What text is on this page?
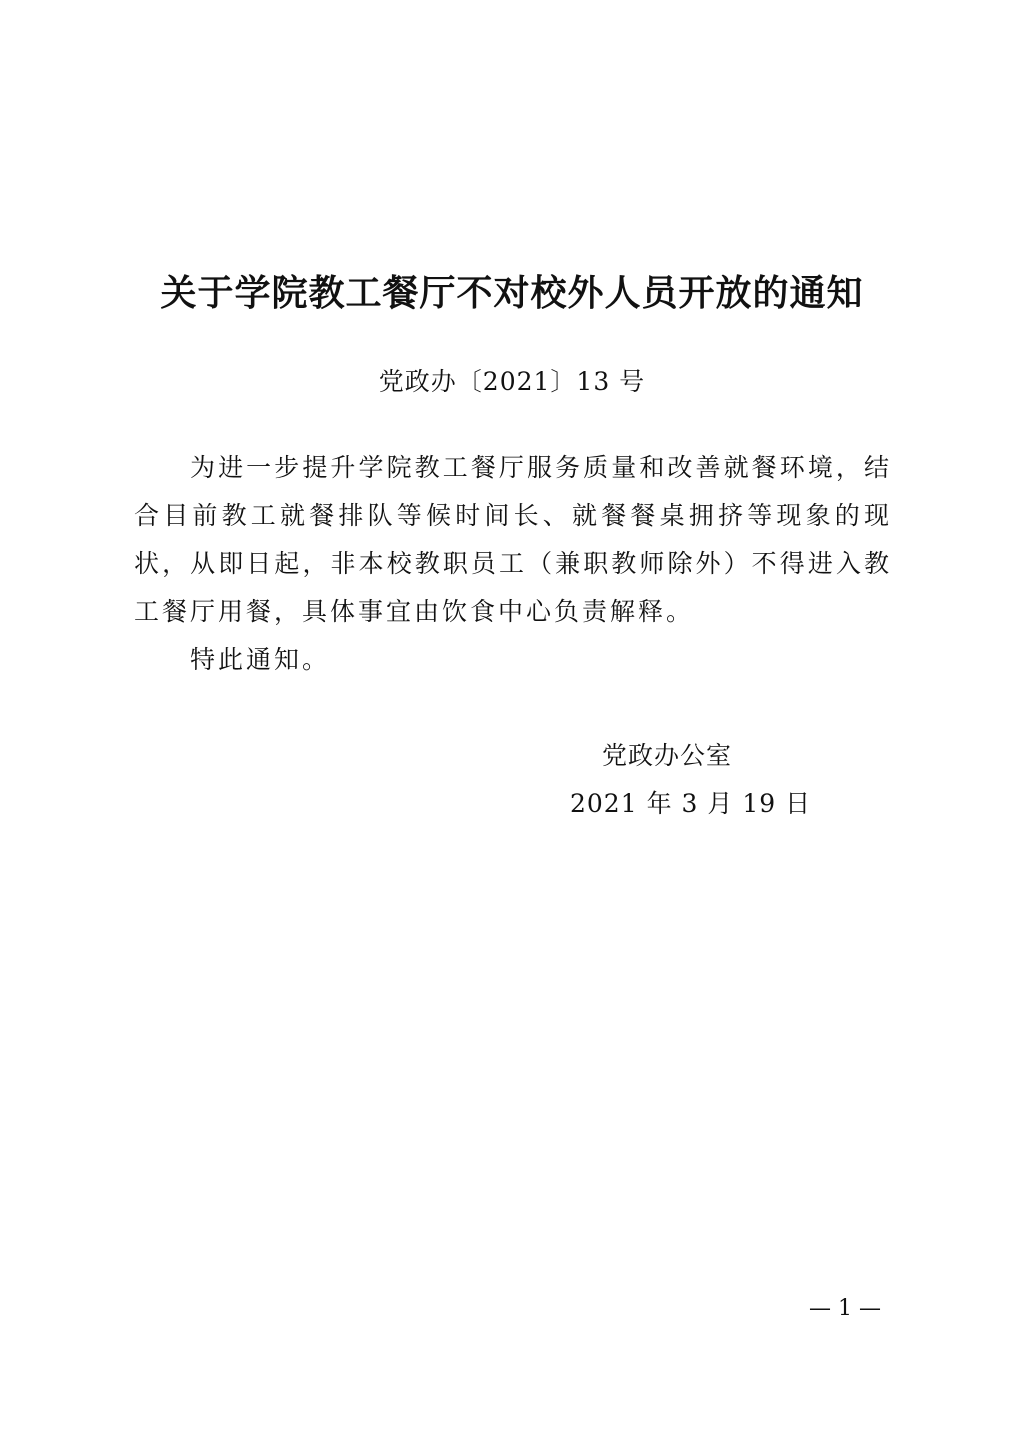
关于学院教工餐厅不对校外人员开放的通知
党政办〔2021〕13 号

为进一步提升学院教工餐厅服务质量和改善就餐环境，结合目前教工就餐排队等候时间长、就餐餐桌拥挤等现象的现状，从即日起，非本校教职员工（兼职教师除外）不得进入教工餐厅用餐，具体事宜由饮食中心负责解释。

特此通知。

党政办公室
2021 年 3 月 19 日
— 1 —
